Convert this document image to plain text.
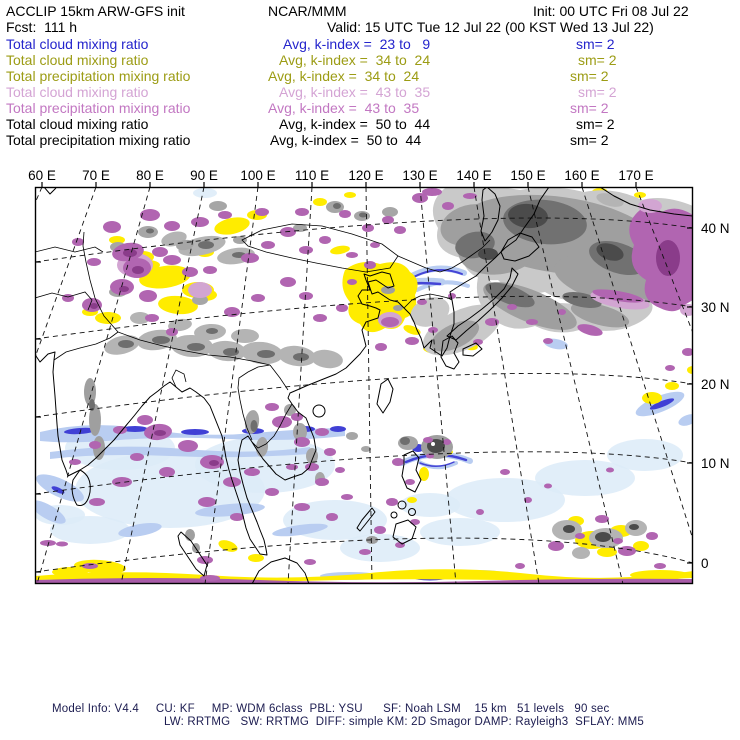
ACCLIP 15km ARW-GFS init	NCAR/MMM	Init: 00 UTC Fri 08 Jul 22
Fcst:  111 h	Valid: 15 UTC Tue 12 Jul 22 (00 KST Wed 13 Jul 22)
Total cloud mixing ratio	Avg, k-index =  23 to   9	sm= 2
Total cloud mixing ratio	Avg, k-index =  34 to  24	sm= 2
Total precipitation mixing ratio	Avg, k-index =  34 to  24	sm= 2
Total cloud mixing ratio	Avg, k-index =  43 to  35	sm= 2
Total precipitation mixing ratio	Avg, k-index =  43 to  35	sm= 2
Total cloud mixing ratio	Avg, k-index =  50 to  44	sm= 2
Total precipitation mixing ratio	Avg, k-index =  50 to  44	sm= 2
60 E	70 E	80 E	90 E	100 E	110 E	120 E	130 E	140 E	150 E	160 E	170 E
40 N
30 N
20 N
10 N
0
Model Info: V4.4     CU: KF     MP: WDM 6class  PBL: YSU      SF: Noah LSM    15 km   51 levels   90 sec
LW: RRTMG   SW: RRTMG  DIFF: simple KM: 2D Smagor DAMP: Rayleigh3  SFLAY: MM5
